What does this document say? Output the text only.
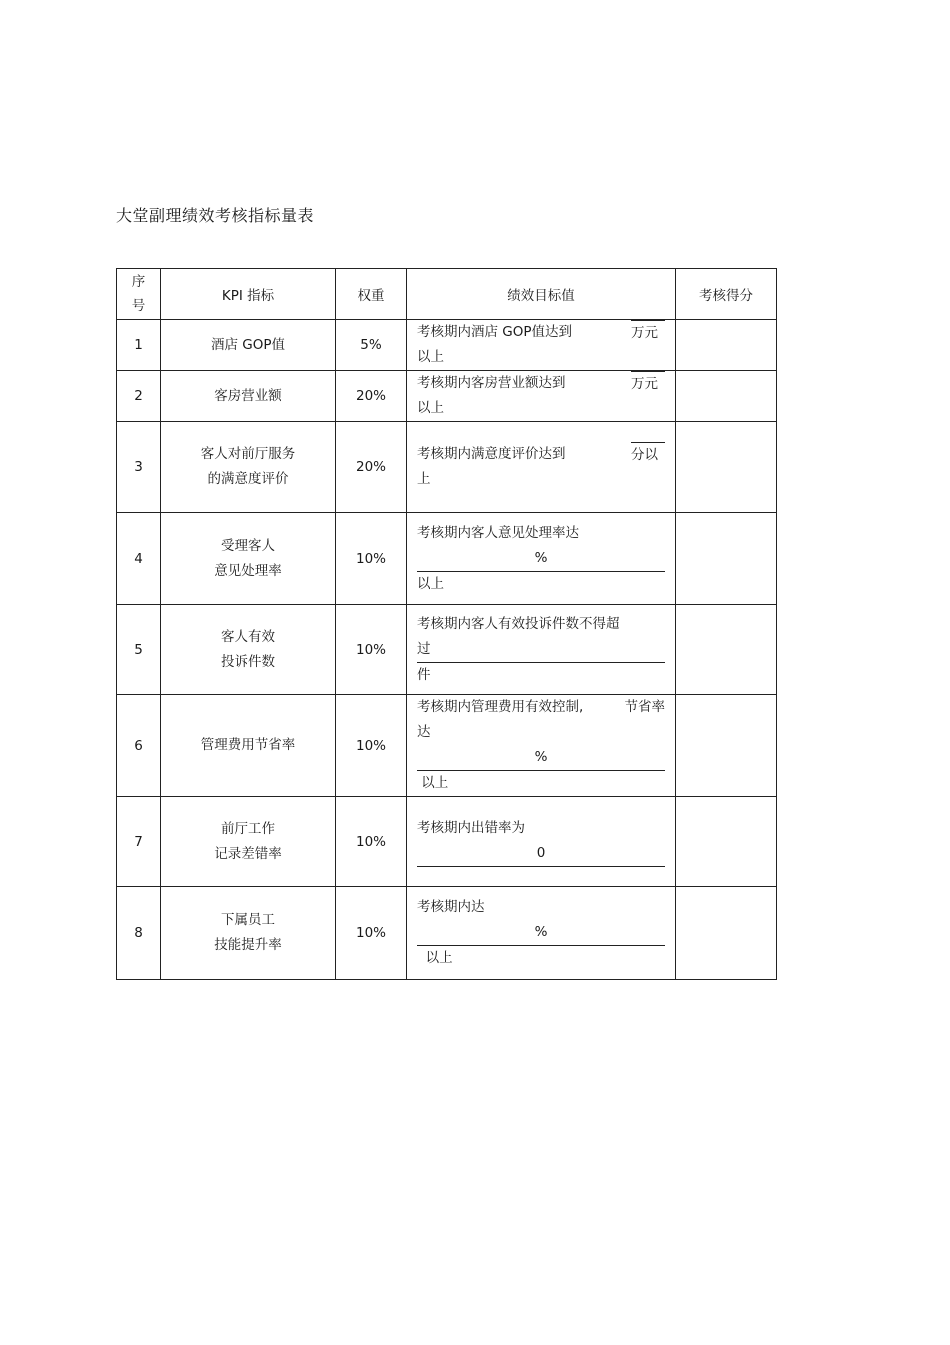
大堂副理绩效考核指标量表
序
号	KPI 指标	权重	绩效目标值	考核得分
1	酒店 GOP值	5%	考核期内酒店 GOP值达到 万元
以上	

2	客房营业额	20%	考核期内客房营业额达到 万元
以上	

3	客人对前厅服务
的满意度评价	20%	考核期内满意度评价达到 分以
上	

4	受理客人
意见处理率	10%	考核期内客人意见处理率达
%
以上	

5	客人有效
投诉件数	10%	考核期内客人有效投诉件数不得超
过
件	

6	管理费用节省率	10%	考核期内管理费用有效控制, 节省率
达
%
以上	

7	前厅工作
记录差错率	10%	考核期内出错率为
0	

8	下属员工
技能提升率	10%	考核期内达
%
以上	
